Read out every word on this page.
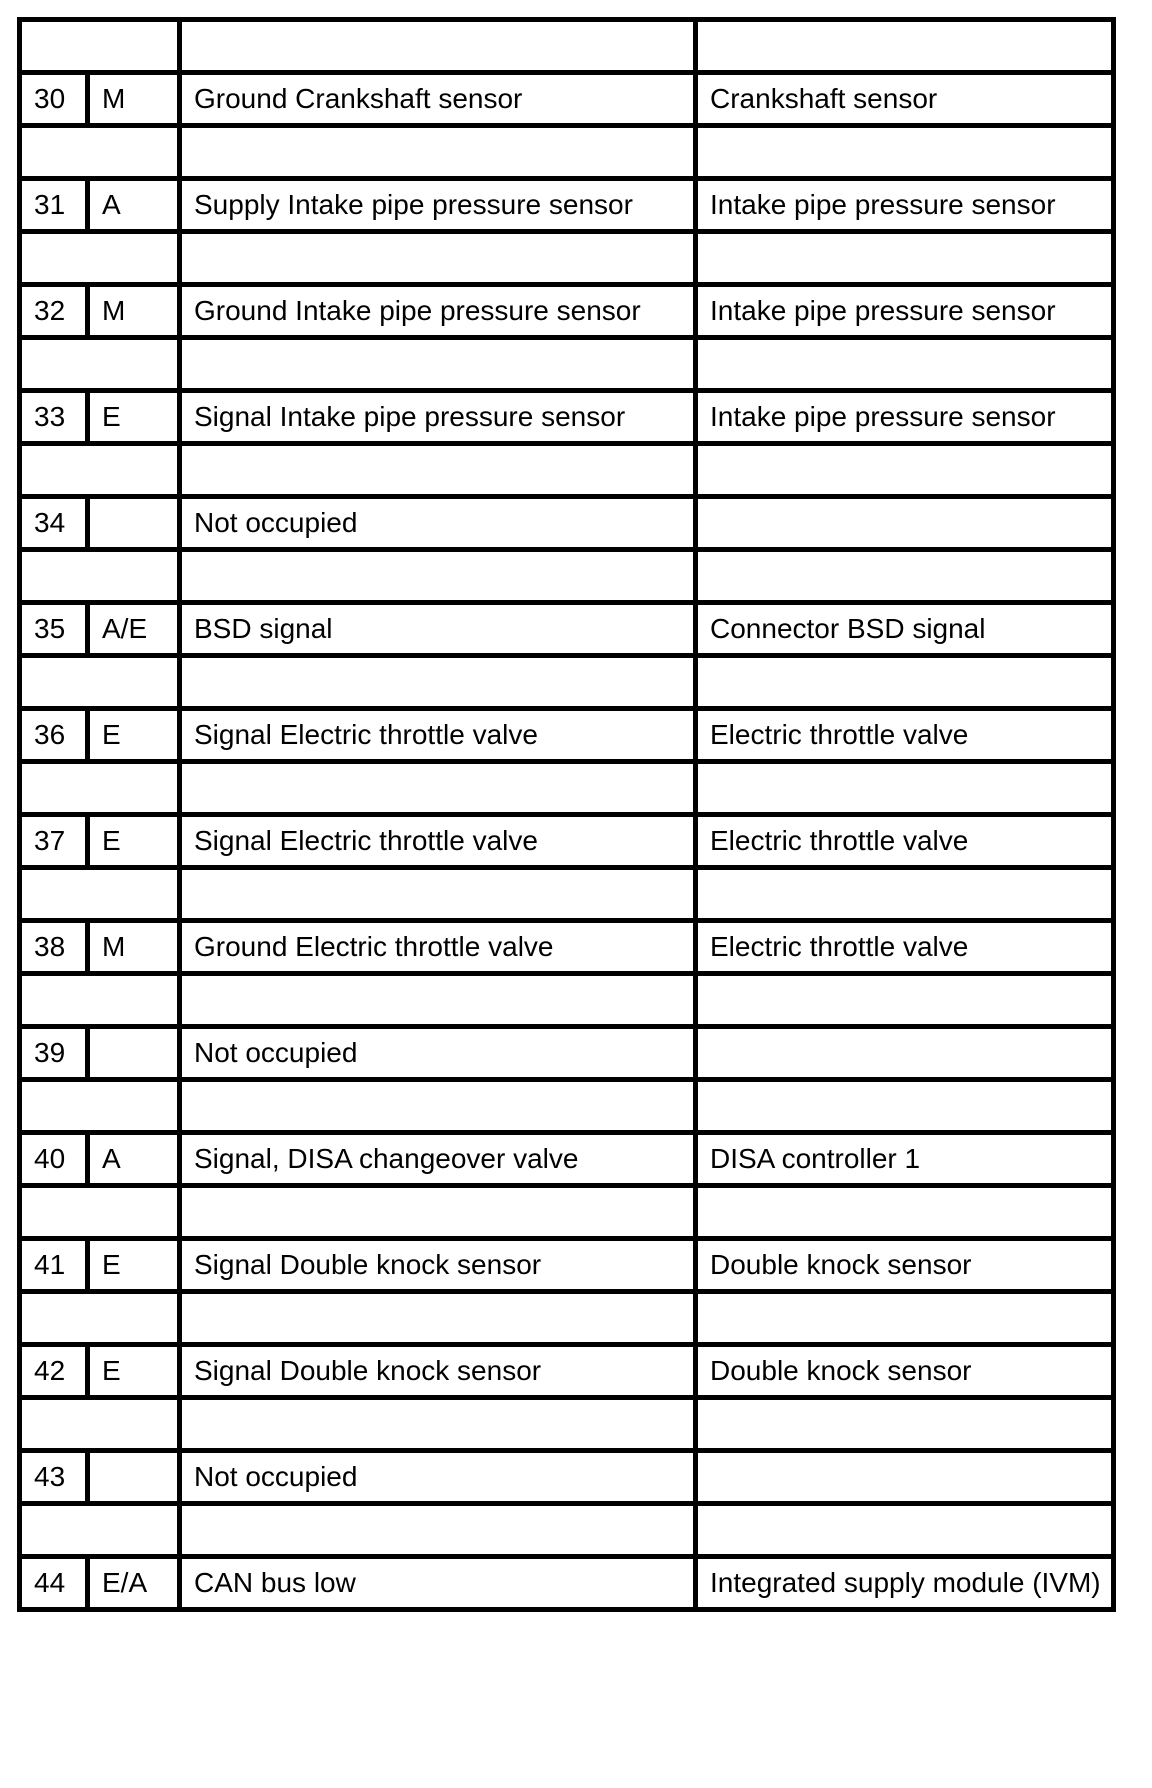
30	M	Ground Crankshaft sensor	Crankshaft sensor

31	A	Supply Intake pipe pressure sensor	Intake pipe pressure sensor

32	M	Ground Intake pipe pressure sensor	Intake pipe pressure sensor

33	E	Signal Intake pipe pressure sensor	Intake pipe pressure sensor

34		Not occupied	

35	A/E	BSD signal	Connector BSD signal

36	E	Signal Electric throttle valve	Electric throttle valve

37	E	Signal Electric throttle valve	Electric throttle valve

38	M	Ground Electric throttle valve	Electric throttle valve

39		Not occupied	

40	A	Signal, DISA changeover valve	DISA controller 1

41	E	Signal Double knock sensor	Double knock sensor

42	E	Signal Double knock sensor	Double knock sensor

43		Not occupied	

44	E/A	CAN bus low	Integrated supply module (IVM)
